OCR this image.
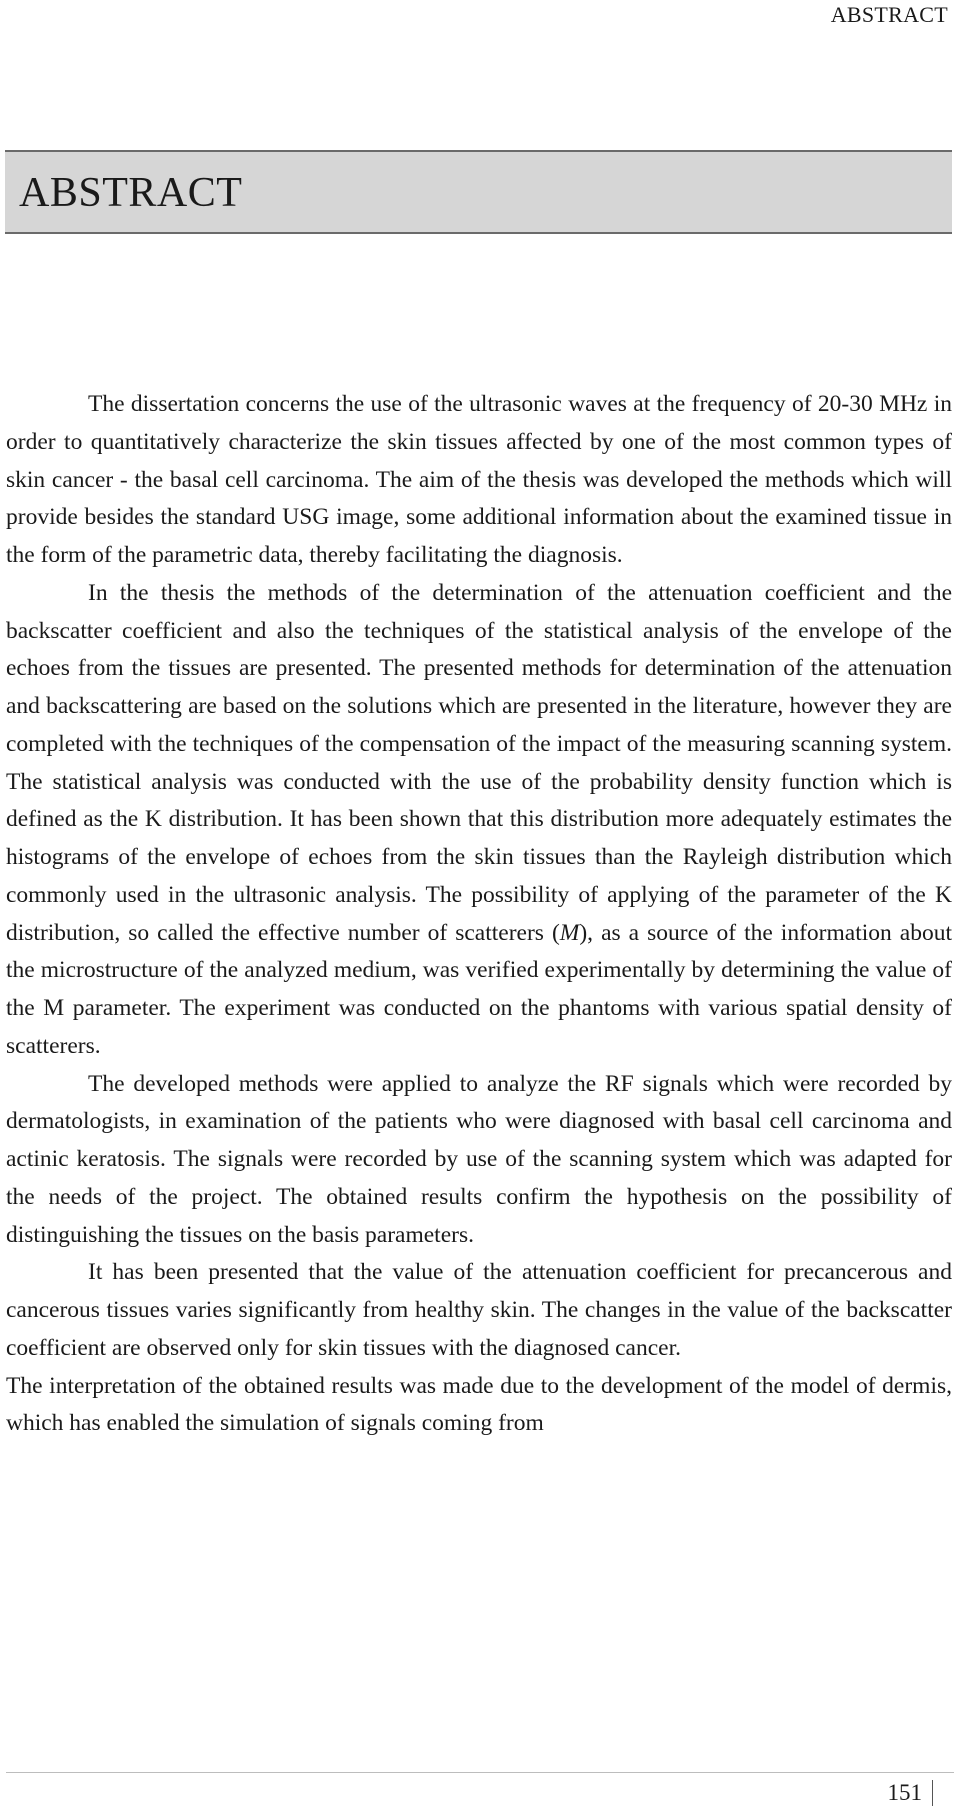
ABSTRACT
ABSTRACT

The dissertation concerns the use of the ultrasonic waves at the frequency of 20-30 MHz in order to quantitatively characterize the skin tissues affected by one of the most common types of skin cancer - the basal cell carcinoma. The aim of the thesis was developed the methods which will provide besides the standard USG image, some additional information about the examined tissue in the form of the parametric data, thereby facilitating the diagnosis.

In the thesis the methods of the determination of the attenuation coefficient and the backscatter coefficient and also the techniques of the statistical analysis of the envelope of the echoes from the tissues are presented. The presented methods for determination of the attenuation and backscattering are based on the solutions which are presented in the literature, however they are completed with the techniques of the compensation of the impact of the measuring scanning system. The statistical analysis was conducted with the use of the probability density function which is defined as the K distribution. It has been shown that this distribution more adequately estimates the histograms of the envelope of echoes from the skin tissues than the Rayleigh distribution which commonly used in the ultrasonic analysis. The possibility of applying of the parameter of the K distribution, so called the effective number of scatterers (M), as a source of the information about the microstructure of the analyzed medium, was verified experimentally by determining the value of the M parameter. The experiment was conducted on the phantoms with various spatial density of scatterers.

The developed methods were applied to analyze the RF signals which were recorded by dermatologists, in examination of the patients who were diagnosed with basal cell carcinoma and actinic keratosis. The signals were recorded by use of the scanning system which was adapted for the needs of the project. The obtained results confirm the hypothesis on the possibility of distinguishing the tissues on the basis parameters.

It has been presented that the value of the attenuation coefficient for precancerous and cancerous tissues varies significantly from healthy skin. The changes in the value of the backscatter coefficient are observed only for skin tissues with the diagnosed cancer.

The interpretation of the obtained results was made due to the development of the model of dermis, which has enabled the simulation of signals coming from

151
